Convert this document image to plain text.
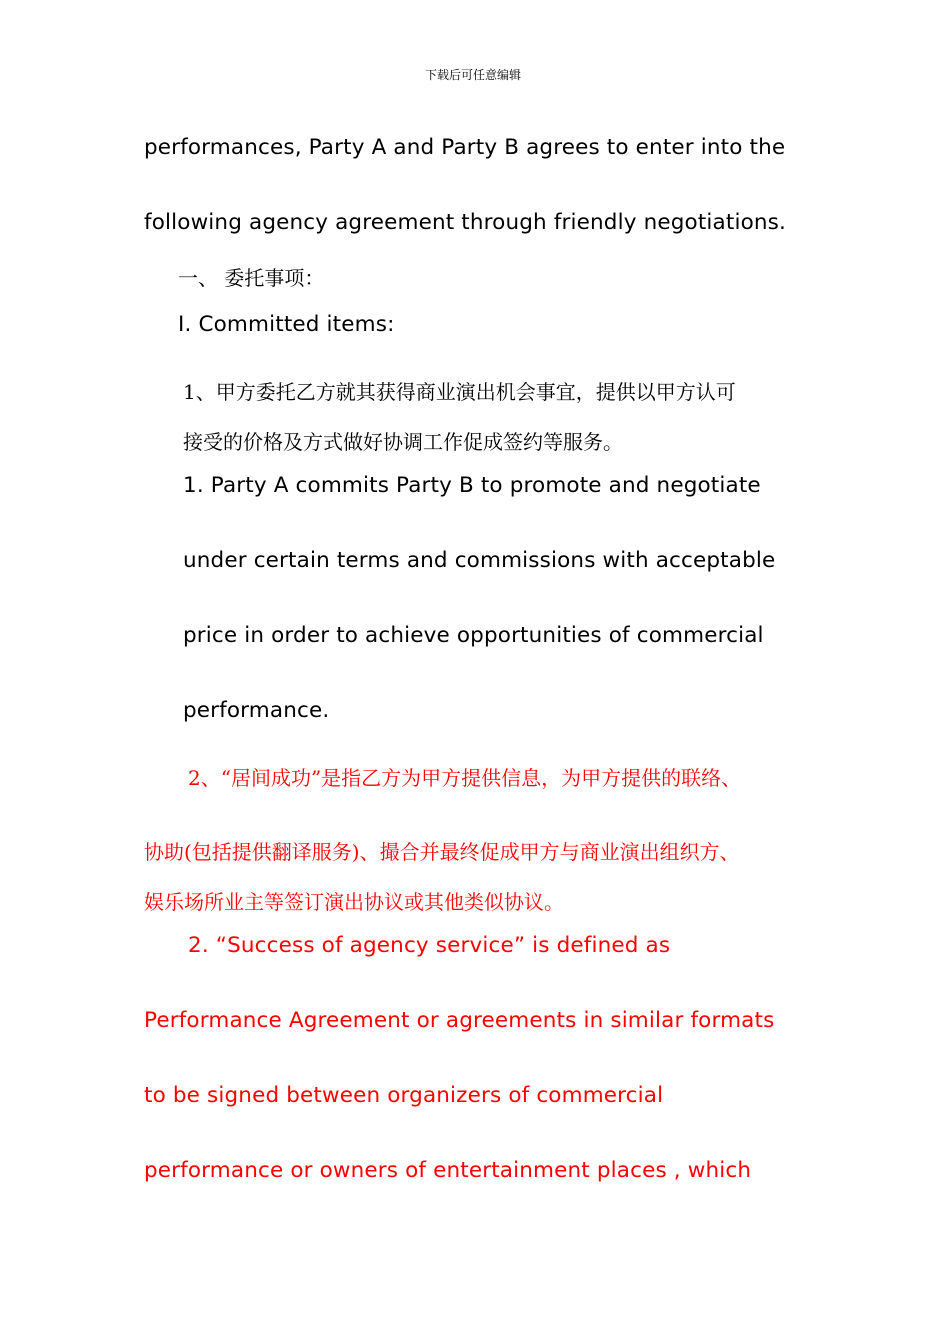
下载后可任意编辑

performances, Party A and Party B agrees to enter into the

following agency agreement through friendly negotiations.

一、 委托事项：

I. Committed items:

1、甲方委托乙方就其获得商业演出机会事宜，提供以甲方认可

接受的价格及方式做好协调工作促成签约等服务。

1. Party A commits Party B to promote and negotiate

under certain terms and commissions with acceptable

price in order to achieve opportunities of commercial

performance.

2、“居间成功”是指乙方为甲方提供信息，为甲方提供的联络、

协助(包括提供翻译服务)、撮合并最终促成甲方与商业演出组织方、

娱乐场所业主等签订演出协议或其他类似协议。

2. “Success of agency service” is defined as

Performance Agreement or agreements in similar formats

to be signed between organizers of commercial

performance or owners of entertainment places , which
